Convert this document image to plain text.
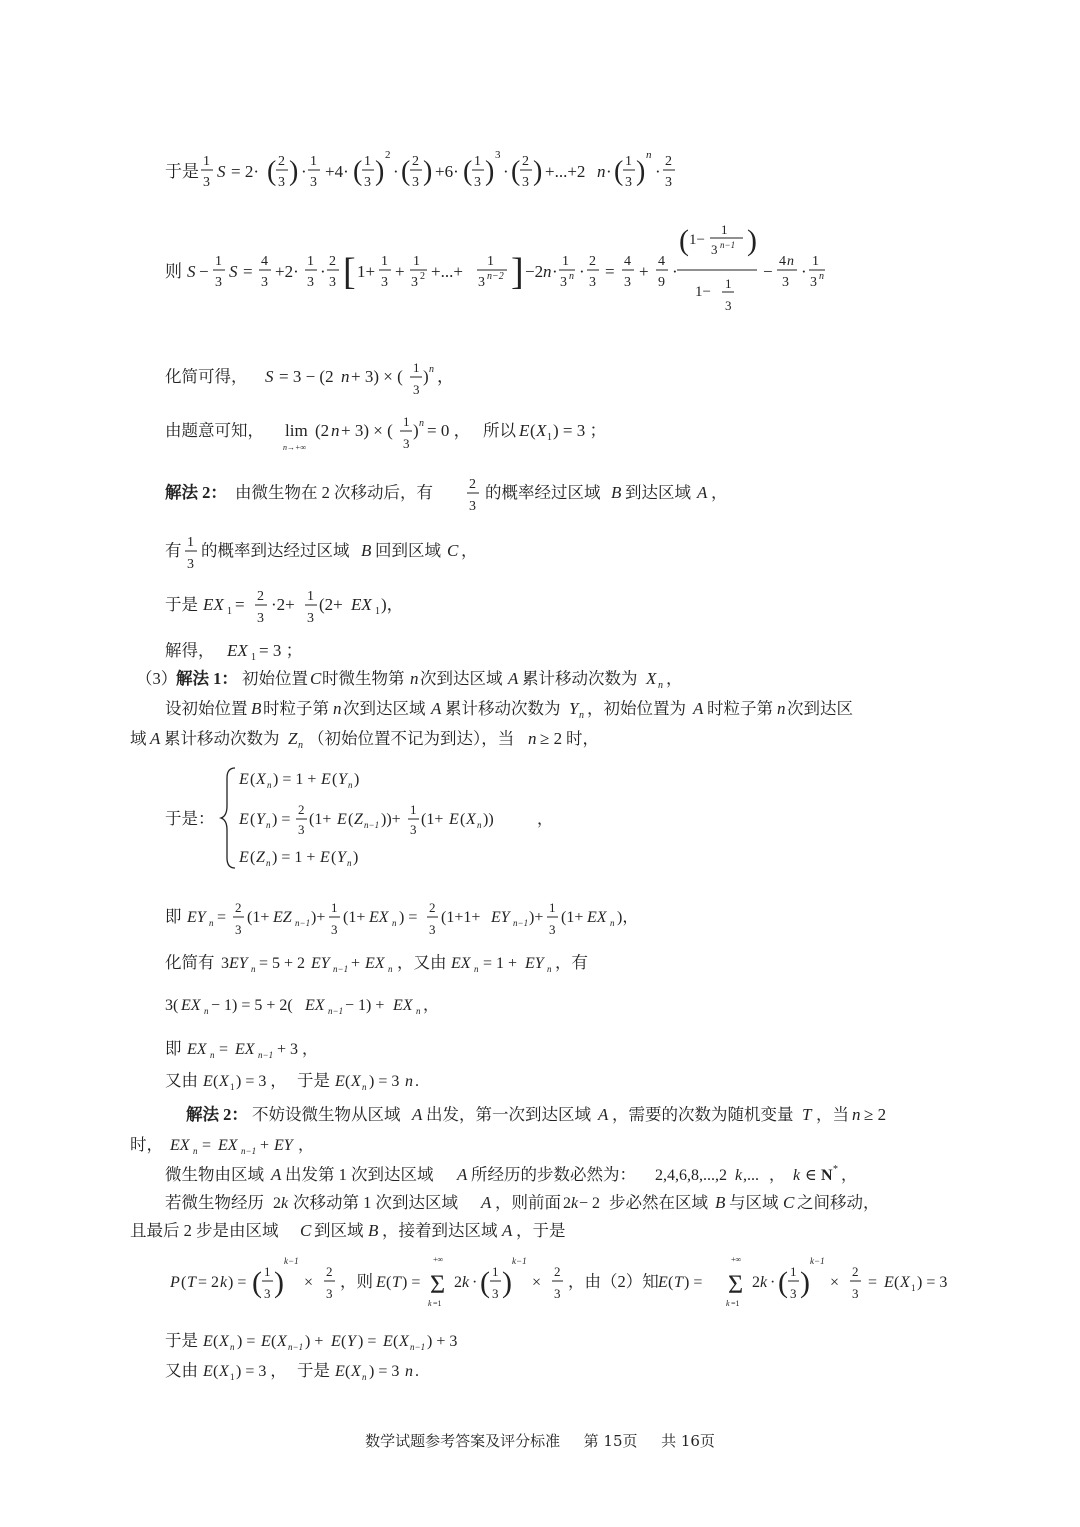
于是
1
3
S = 2· ( 2
3 ) ·
1
3
+4· ( 1
3 )
2
· ( 2
3 ) +6· ( 1
3 )
3
· ( 2
3 ) +...+2 n · ( 1
3 )
n
·
2
3
则 S −
1
3
S =
4
3
+2·
1
3
·
2
3 [ 1+
1
3
+
1
3 2 +...+
1
3 n−2 ] −2 n ·
1
3 n ·
2
3
=
4
3
+
4
9
·
( 1−
1
3 n−1 )
1−
1
3
−
4 n
3
·
1
3 n
化简可得， S = 3 − (2 n + 3) × ( 1
3
) n ，
由题意可知， lim
n→+∞
(2 n + 3) × ( 1
3
) n = 0 ， 所以 E ( X 1 ) = 3 ；
解法 2： 由微生物在 2 次移动后，有	2
3
的概率经过区域 B 到达区域 A ，
有 1
3
的概率到达经过区域 B 回到区域 C ，
于是 EX 1 = 2
3
·2+ 1
3
(2+ EX 1 )，
解得， EX 1 = 3 ；
（3）
解法 1： 初始位置 C 时微生物第 n 次到达区域 A 累计移动次数为 X n ，
设初始位置 B 时粒子第 n 次到达区域 A 累计移动次数为 Y n ，初始位置为 A 时粒子第 n 次到达区
域 A 累计移动次数为 Z n （初始位置不记为到达），当 n ≥ 2 时，
于是：
E ( X n ) = 1 + E ( Y n )
E ( Y n ) =
2
3
(1+ E ( Z n−1 ))+
1
3
(1+ E ( X n ))	，
E ( Z n ) = 1 + E ( Y n )
即 EY n =
2
3
(1+ EZ n−1 )+
1
3
(1+ EX n ) =
2
3
(1+1+ EY n−1 )+
1
3
(1+ EX n )，
化简有 3 EY n = 5 + 2 EY n−1 + EX n ，又由 EX n = 1 + EY n ，有
3( EX n − 1) = 5 + 2( EX n−1 − 1) + EX n ，
即 EX n = EX n−1 + 3 ，
又由 E ( X 1 ) = 3 ， 于是 E ( X n ) = 3 n .
解法 2： 不妨设微生物从区域 A 出发，第一次到达区域 A ，需要的次数为随机变量 T ，当 n ≥ 2
时， EX n = EX n−1 + EY ，
微生物由区域 A 出发第 1 次到达区域 A 所经历的步数必然为： 2,4,6,8,...,2 k ,... ， k ∈ N * ，
若微生物经历 2 k 次移动第 1 次到达区域 A ，则前面 2 k − 2 步必然在区域 B 与区域 C 之间移动，
且最后 2 步是由区域 C 到区域 B ，接着到达区域 A ，于是
P ( T = 2 k ) = ( 1
3 )
k−1
×
2
3
，则 E ( T ) =
+∞
Σ
k =1
2 k · ( 1
3 )
k−1
×
2
3
，由（2）知 E ( T ) =
+∞
Σ
k =1
2 k · ( 1
3 )
k−1
×
2
3
= E ( X 1 ) = 3
于是 E ( X n ) = E ( X n−1 ) + E ( Y ) = E ( X n−1 ) + 3
又由 E ( X 1 ) = 3 ， 于是 E ( X n ) = 3 n .
数学试题参考答案及评分标准 第 15页 共 16页
